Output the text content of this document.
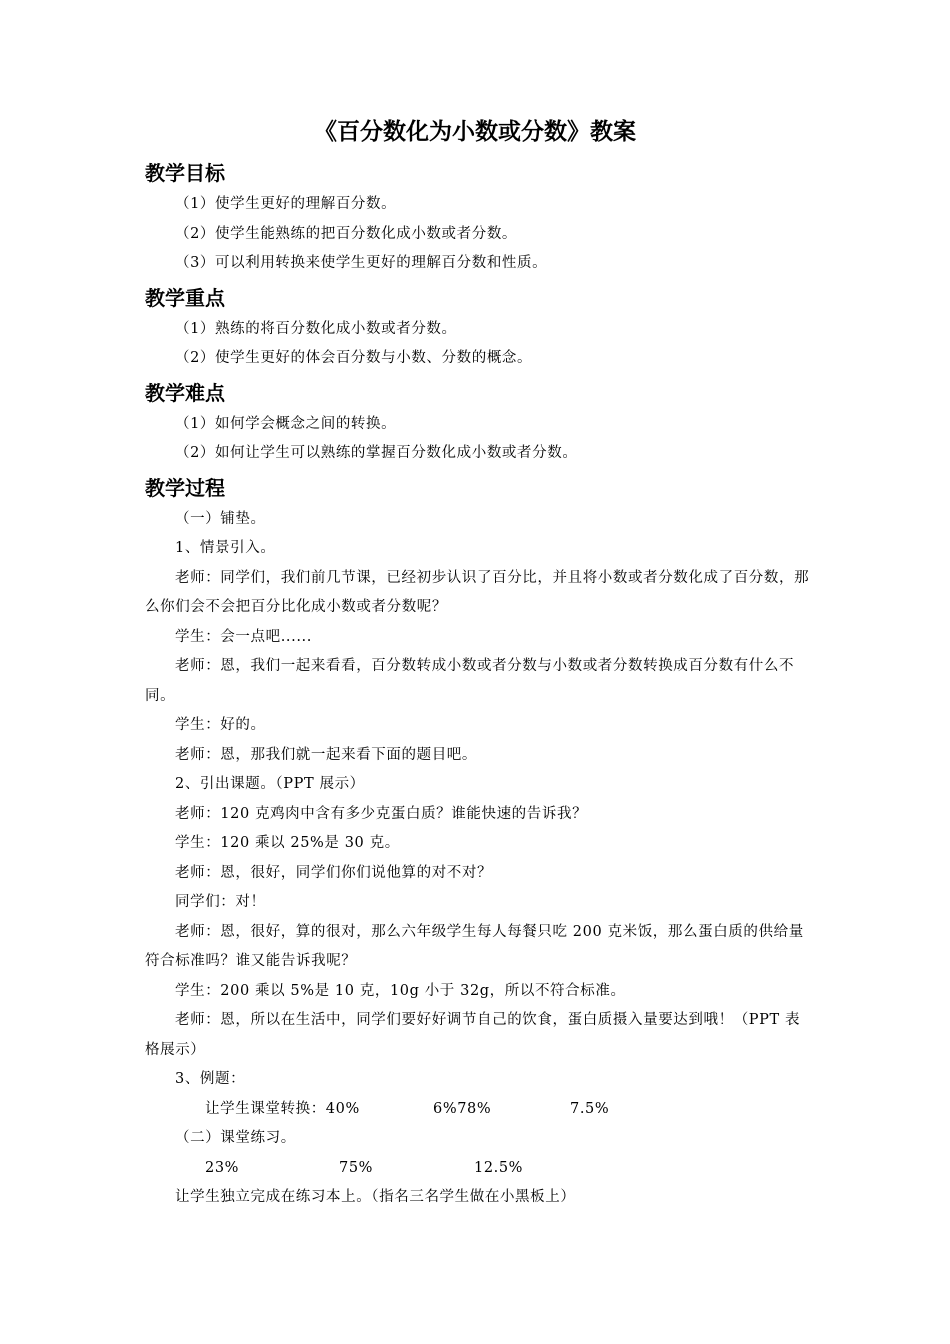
《百分数化为小数或分数》教案
教学目标
（1）使学生更好的理解百分数。
（2）使学生能熟练的把百分数化成小数或者分数。
（3）可以利用转换来使学生更好的理解百分数和性质。
教学重点
（1）熟练的将百分数化成小数或者分数。
（2）使学生更好的体会百分数与小数、分数的概念。
教学难点
（1）如何学会概念之间的转换。
（2）如何让学生可以熟练的掌握百分数化成小数或者分数。
教学过程
（一）铺垫。
1、情景引入。
老师：同学们，我们前几节课，已经初步认识了百分比，并且将小数或者分数化成了百分数，那么你们会不会把百分比化成小数或者分数呢？
学生：会一点吧......
老师：恩，我们一起来看看，百分数转成小数或者分数与小数或者分数转换成百分数有什么不同。
学生：好的。
老师：恩，那我们就一起来看下面的题目吧。
2、引出课题。（PPT 展示）
老师：120 克鸡肉中含有多少克蛋白质？谁能快速的告诉我？
学生：120 乘以 25%是 30 克。
老师：恩，很好，同学们你们说他算的对不对？
同学们：对！
老师：恩，很好，算的很对，那么六年级学生每人每餐只吃 200 克米饭，那么蛋白质的供给量符合标准吗？谁又能告诉我呢？
学生：200 乘以 5%是 10 克，10g 小于 32g，所以不符合标准。
老师：恩，所以在生活中，同学们要好好调节自己的饮食，蛋白质摄入量要达到哦！（PPT 表格展示）
3、例题：
让学生课堂转换：40%	6%78%	7.5%
（二）课堂练习。
23%	75%	12.5%
让学生独立完成在练习本上。（指名三名学生做在小黑板上）
